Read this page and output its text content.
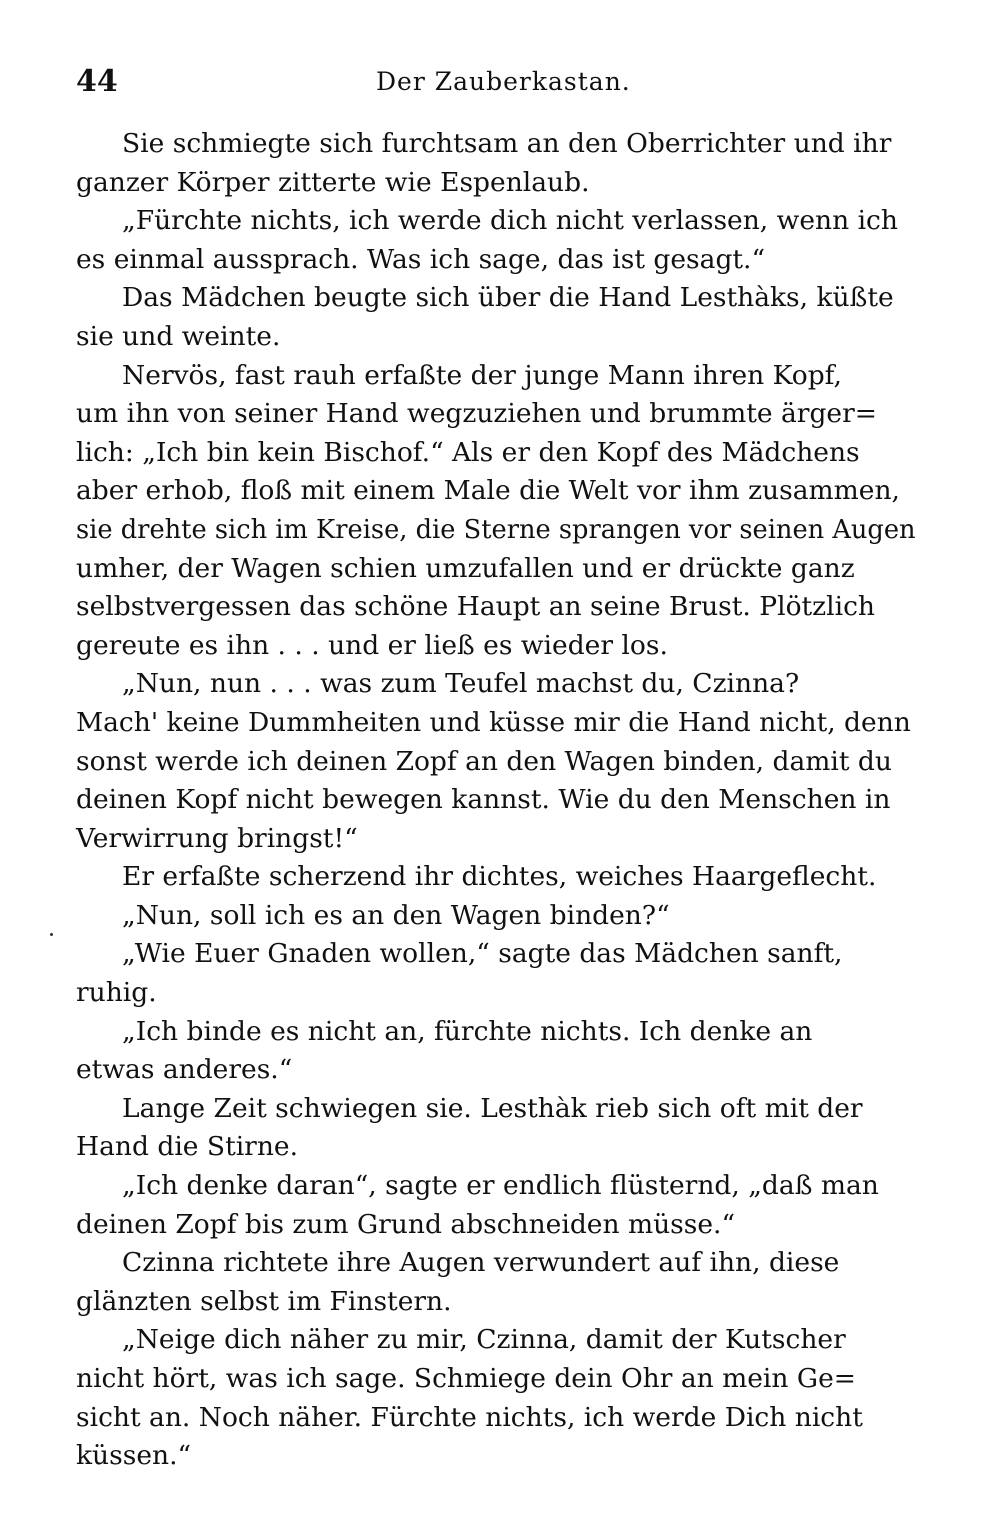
44	Der Zauberkastan.

Sie schmiegte sich furchtsam an den Oberrichter und ihr
ganzer Körper zitterte wie Espenlaub.

„Fürchte nichts, ich werde dich nicht verlassen, wenn ich
es einmal aussprach. Was ich sage, das ist gesagt.“

Das Mädchen beugte sich über die Hand Lesthàks, küßte
sie und weinte.

Nervös, fast rauh erfaßte der junge Mann ihren Kopf,
um ihn von seiner Hand wegzuziehen und brummte ärger=
lich: „Ich bin kein Bischof.“ Als er den Kopf des Mädchens
aber erhob, floß mit einem Male die Welt vor ihm zusammen,
sie drehte sich im Kreise, die Sterne sprangen vor seinen Augen
umher, der Wagen schien umzufallen und er drückte ganz
selbstvergessen das schöne Haupt an seine Brust. Plötzlich
gereute es ihn . . . und er ließ es wieder los.

„Nun, nun . . . was zum Teufel machst du, Czinna?
Mach' keine Dummheiten und küsse mir die Hand nicht, denn
sonst werde ich deinen Zopf an den Wagen binden, damit du
deinen Kopf nicht bewegen kannst. Wie du den Menschen in
Verwirrung bringst!“

Er erfaßte scherzend ihr dichtes, weiches Haargeflecht.

„Nun, soll ich es an den Wagen binden?“

„Wie Euer Gnaden wollen,“ sagte das Mädchen sanft,
ruhig.

„Ich binde es nicht an, fürchte nichts. Ich denke an
etwas anderes.“

Lange Zeit schwiegen sie. Lesthàk rieb sich oft mit der
Hand die Stirne.

„Ich denke daran“, sagte er endlich flüsternd, „daß man
deinen Zopf bis zum Grund abschneiden müsse.“

Czinna richtete ihre Augen verwundert auf ihn, diese
glänzten selbst im Finstern.

„Neige dich näher zu mir, Czinna, damit der Kutscher
nicht hört, was ich sage. Schmiege dein Ohr an mein Ge=
sicht an. Noch näher. Fürchte nichts, ich werde Dich nicht
küssen.“
